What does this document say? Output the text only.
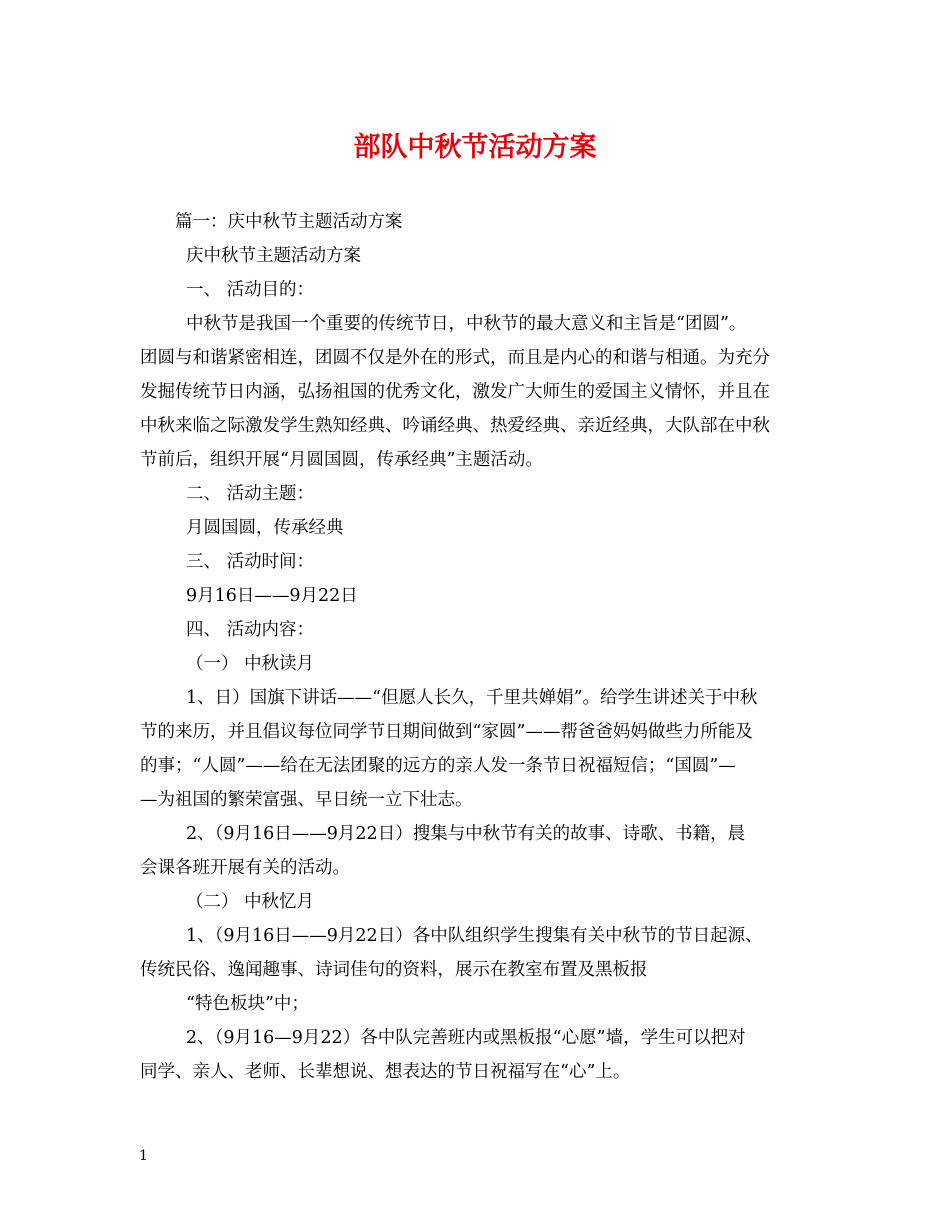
部队中秋节活动方案
篇一：庆中秋节主题活动方案
庆中秋节主题活动方案
一、 活动目的：
中秋节是我国一个重要的传统节日，中秋节的最大意义和主旨是“团圆”。
团圆与和谐紧密相连，团圆不仅是外在的形式，而且是内心的和谐与相通。为充分
发掘传统节日内涵，弘扬祖国的优秀文化，激发广大师生的爱国主义情怀，并且在
中秋来临之际激发学生熟知经典、吟诵经典、热爱经典、亲近经典，大队部在中秋
节前后，组织开展“月圆国圆，传承经典”主题活动。
二、 活动主题：
月圆国圆，传承经典
三、 活动时间：
9月16日——9月22日
四、 活动内容：
（一） 中秋读月
1、日）国旗下讲话——“但愿人长久，千里共婵娟”。给学生讲述关于中秋
节的来历，并且倡议每位同学节日期间做到“家圆”——帮爸爸妈妈做些力所能及
的事；“人圆”——给在无法团聚的远方的亲人发一条节日祝福短信；“国圆”—
—为祖国的繁荣富强、早日统一立下壮志。
2、（9月16日——9月22日）搜集与中秋节有关的故事、诗歌、书籍，晨
会课各班开展有关的活动。
（二） 中秋忆月
1、（9月16日——9月22日）各中队组织学生搜集有关中秋节的节日起源、
传统民俗、逸闻趣事、诗词佳句的资料，展示在教室布置及黑板报
“特色板块”中；
2、（9月16—9月22）各中队完善班内或黑板报“心愿”墙，学生可以把对
同学、亲人、老师、长辈想说、想表达的节日祝福写在“心”上。
1
